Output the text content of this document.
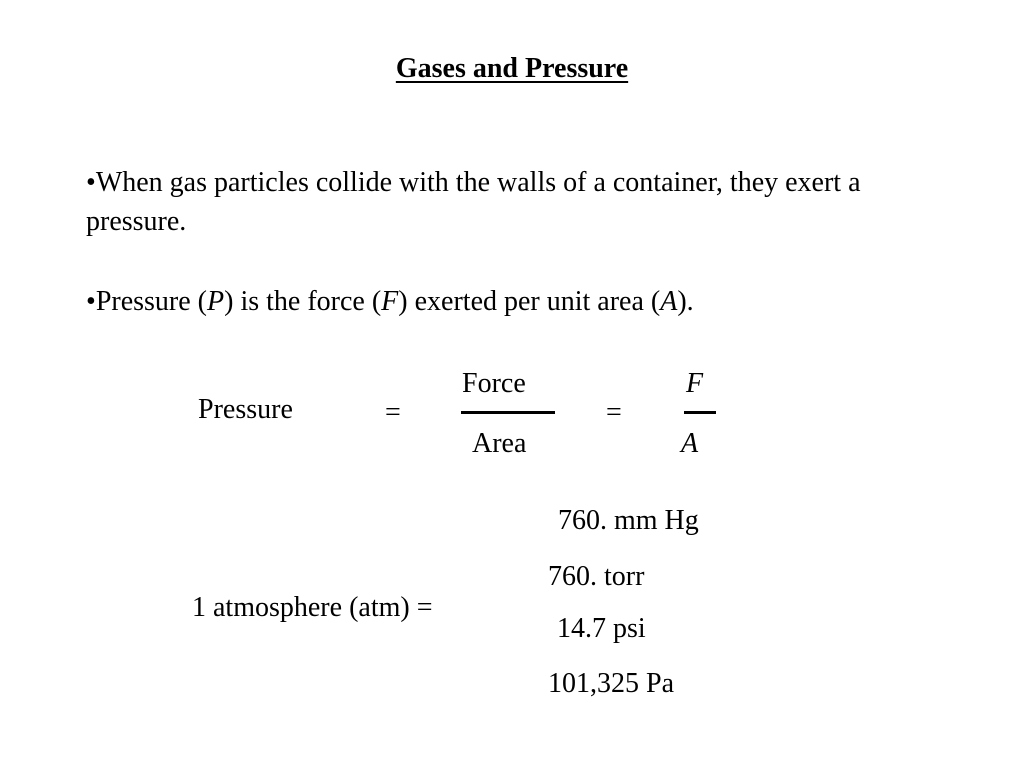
Gases and Pressure
•When gas particles collide with the walls of a container, they exert a pressure.
•Pressure (P) is the force (F) exerted per unit area (A).
Pressure	=
Force
Area
=
F
A
1 atmosphere (atm) =
760. mm Hg
760. torr
14.7 psi
101,325 Pa
